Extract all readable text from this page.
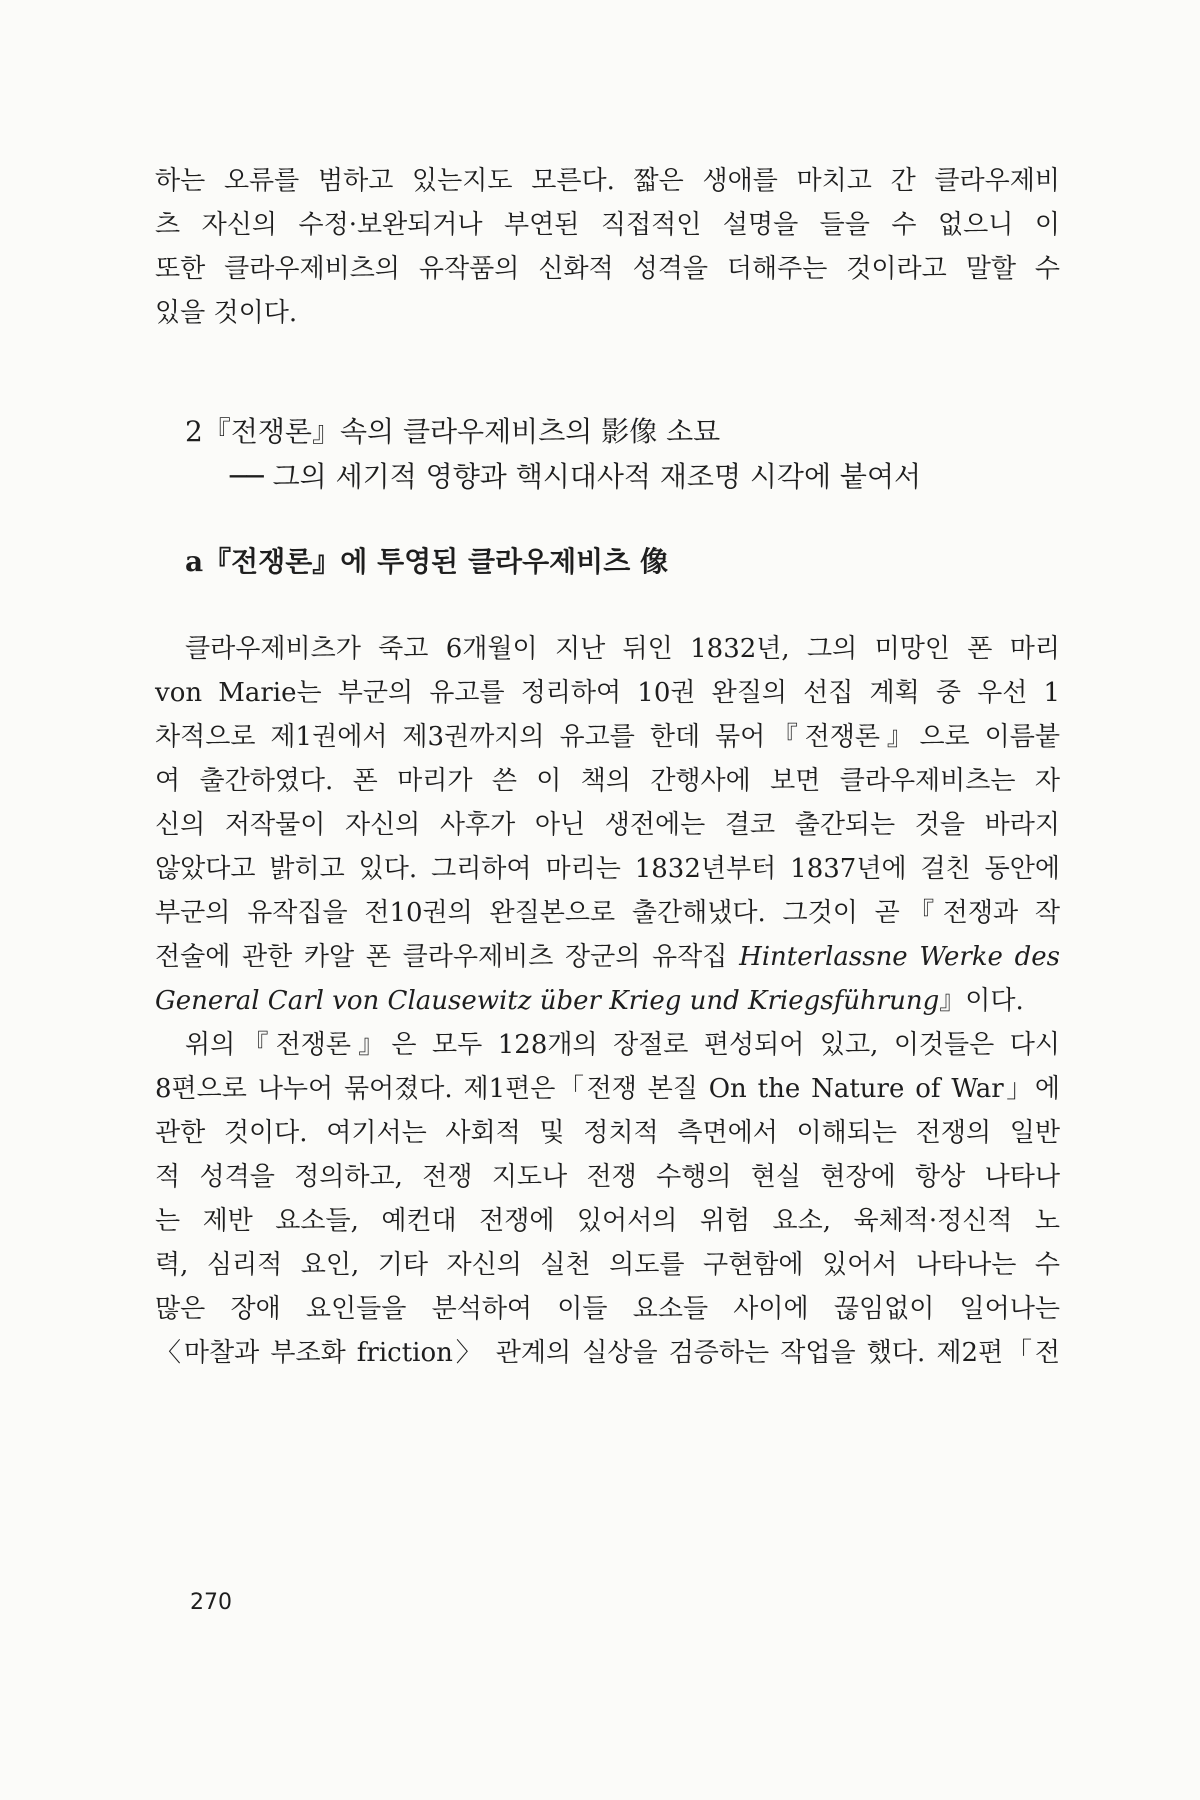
하는 오류를 범하고 있는지도 모른다. 짧은 생애를 마치고 간 클라우제비
츠 자신의 수정·보완되거나 부연된 직접적인 설명을 들을 수 없으니 이
또한 클라우제비츠의 유작품의 신화적 성격을 더해주는 것이라고 말할 수
있을 것이다.
2『전쟁론』속의 클라우제비츠의 影像 소묘
── 그의 세기적 영향과 핵시대사적 재조명 시각에 붙여서
a『전쟁론』에 투영된 클라우제비츠 像
클라우제비츠가 죽고 6개월이 지난 뒤인 1832년, 그의 미망인 폰 마리
von Marie는 부군의 유고를 정리하여 10권 완질의 선집 계획 중 우선 1
차적으로 제1권에서 제3권까지의 유고를 한데 묶어『전쟁론』으로 이름붙
여 출간하였다. 폰 마리가 쓴 이 책의 간행사에 보면 클라우제비츠는 자
신의 저작물이 자신의 사후가 아닌 생전에는 결코 출간되는 것을 바라지
않았다고 밝히고 있다. 그리하여 마리는 1832년부터 1837년에 걸친 동안에
부군의 유작집을 전10권의 완질본으로 출간해냈다. 그것이 곧『전쟁과 작
전술에 관한 카알 폰 클라우제비츠 장군의 유작집 Hinterlassne Werke des
General Carl von Clausewitz über Krieg und Kriegsführung』이다.
위의『전쟁론』은 모두 128개의 장절로 편성되어 있고, 이것들은 다시
8편으로 나누어 묶어졌다. 제1편은「전쟁 본질 On the Nature of War」에
관한 것이다. 여기서는 사회적 및 정치적 측면에서 이해되는 전쟁의 일반
적 성격을 정의하고, 전쟁 지도나 전쟁 수행의 현실 현장에 항상 나타나
는 제반 요소들, 예컨대 전쟁에 있어서의 위험 요소, 육체적·정신적 노
력, 심리적 요인, 기타 자신의 실천 의도를 구현함에 있어서 나타나는 수
많은 장애 요인들을 분석하여 이들 요소들 사이에 끊임없이 일어나는
〈마찰과 부조화 friction〉 관계의 실상을 검증하는 작업을 했다. 제2편「전
270
